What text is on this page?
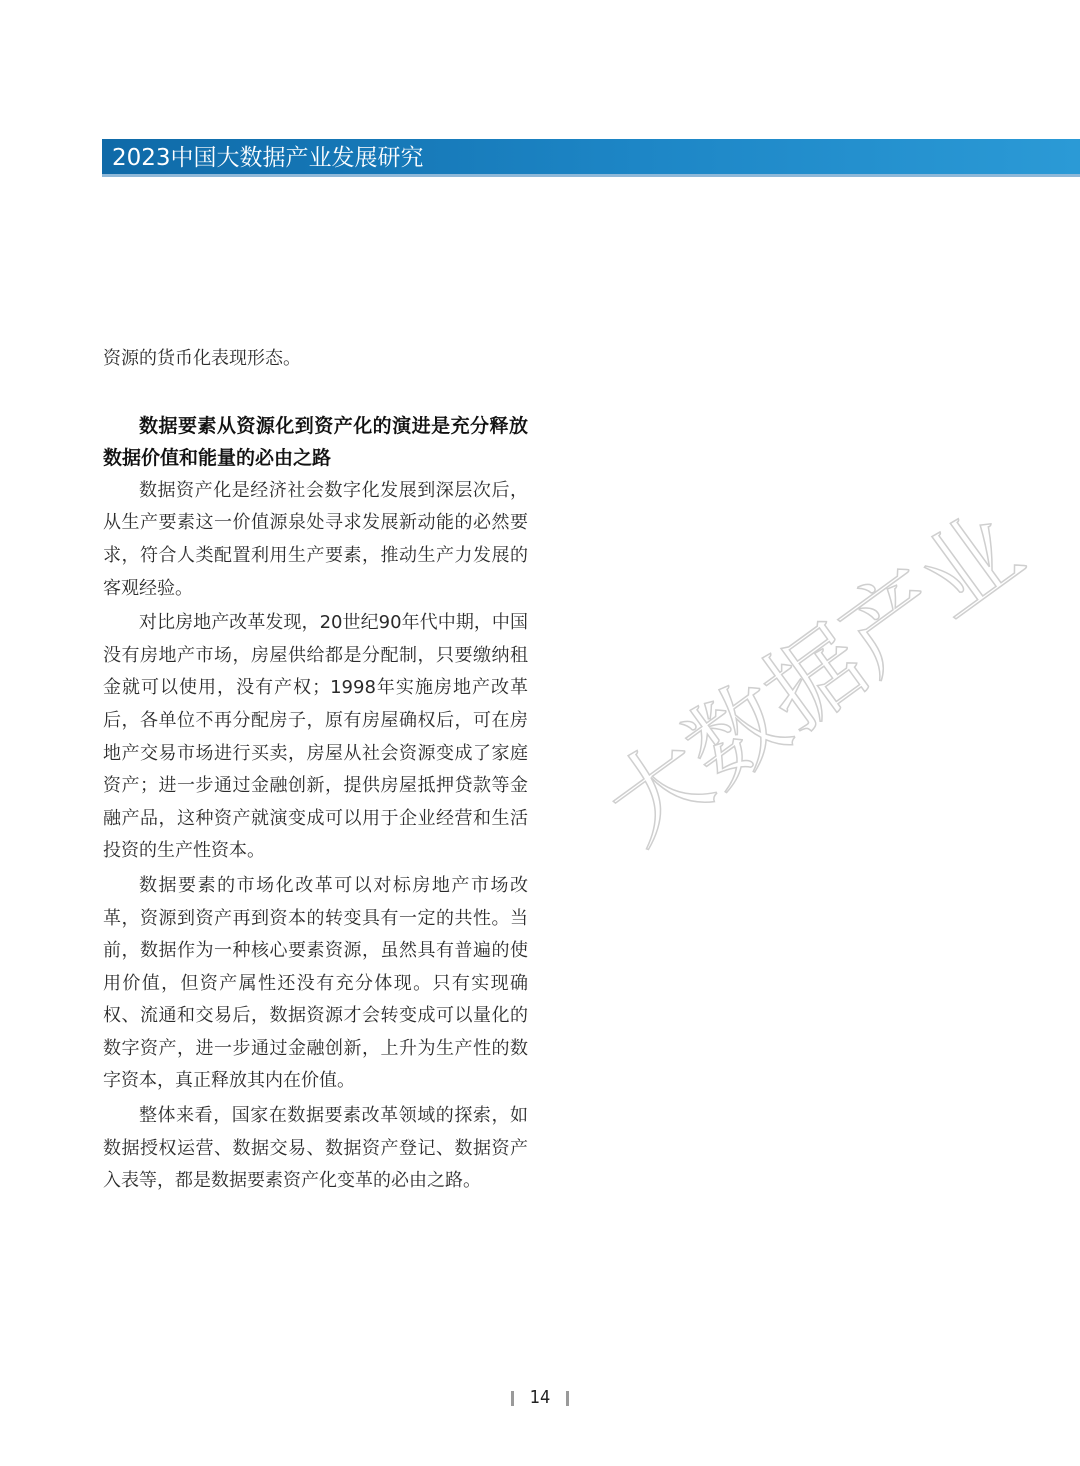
2023中国大数据产业发展研究

资源的货币化表现形态。

数据要素从资源化到资产化的演进是充分释放数据价值和能量的必由之路

数据资产化是经济社会数字化发展到深层次后，从生产要素这一价值源泉处寻求发展新动能的必然要求，符合人类配置利用生产要素，推动生产力发展的客观经验。

对比房地产改革发现，20世纪90年代中期，中国没有房地产市场，房屋供给都是分配制，只要缴纳租金就可以使用，没有产权；1998年实施房地产改革后，各单位不再分配房子，原有房屋确权后，可在房地产交易市场进行买卖，房屋从社会资源变成了家庭资产；进一步通过金融创新，提供房屋抵押贷款等金融产品，这种资产就演变成可以用于企业经营和生活投资的生产性资本。

数据要素的市场化改革可以对标房地产市场改革，资源到资产再到资本的转变具有一定的共性。当前，数据作为一种核心要素资源，虽然具有普遍的使用价值，但资产属性还没有充分体现。只有实现确权、流通和交易后，数据资源才会转变成可以量化的数字资产，进一步通过金融创新，上升为生产性的数字资本，真正释放其内在价值。

整体来看，国家在数据要素改革领域的探索，如数据授权运营、数据交易、数据资产登记、数据资产入表等，都是数据要素资产化变革的必由之路。

大数据产业
14
